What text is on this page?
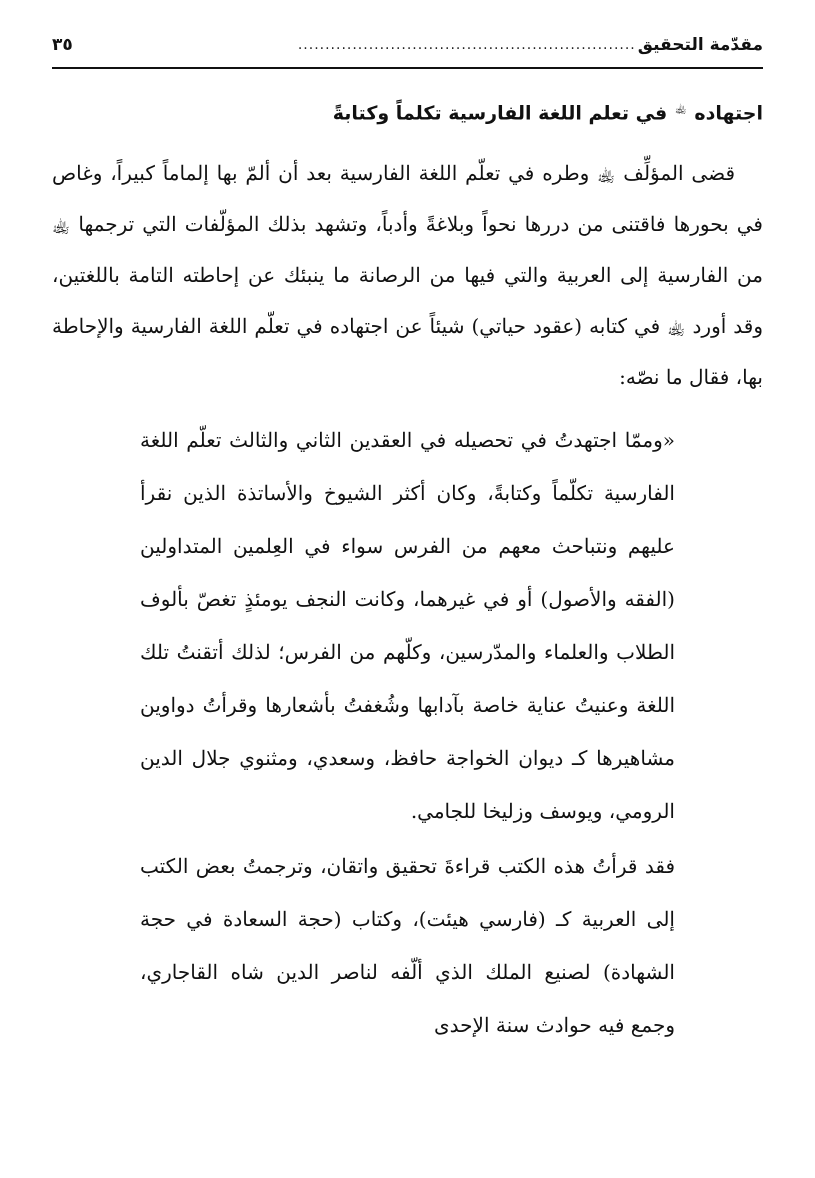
مقدّمة التحقيق
..............................................................
٣٥
اجتهاده ﵀ في تعلم اللغة الفارسية تكلماً وكتابةً

قضى المؤلِّف ﵀ وطره في تعلّم اللغة الفارسية بعد أن ألمّ بها إلماماً كبيراً، وغاص في بحورها فاقتنى من دررها نحواً وبلاغةً وأدباً، وتشهد بذلك المؤلّفات التي ترجمها ﵀ من الفارسية إلى العربية والتي فيها من الرصانة ما ينبئك عن إحاطته التامة باللغتين، وقد أورد ﵀ في كتابه (عقود حياتي) شيئاً عن اجتهاده في تعلّم اللغة الفارسية والإحاطة بها، فقال ما نصّه:

«وممّا اجتهدتُ في تحصيله في العقدين الثاني والثالث تعلّم اللغة الفارسية تكلّماً وكتابةً، وكان أكثر الشيوخ والأساتذة الذين نقرأ عليهم ونتباحث معهم من الفرس سواء في العِلمين المتداولين (الفقه والأصول) أو في غيرهما، وكانت النجف يومئذٍ تغصّ بألوف الطلاب والعلماء والمدّرسين، وكلّهم من الفرس؛ لذلك أتقنتُ تلك اللغة وعنيتُ عناية خاصة بآدابها وشُغفتُ بأشعارها وقرأتُ دواوين مشاهيرها كـ ديوان الخواجة حافظ، وسعدي، ومثنوي جلال الدين الرومي، ويوسف وزليخا للجامي.

فقد قرأتُ هذه الكتب قراءةَ تحقيق واتقان، وترجمتُ بعض الكتب إلى العربية كـ (فارسي هيئت)، وكتاب (حجة السعادة في حجة الشهادة) لصنيع الملك الذي ألّفه لناصر الدين شاه القاجاري، وجمع فيه حوادث سنة الإحدى
